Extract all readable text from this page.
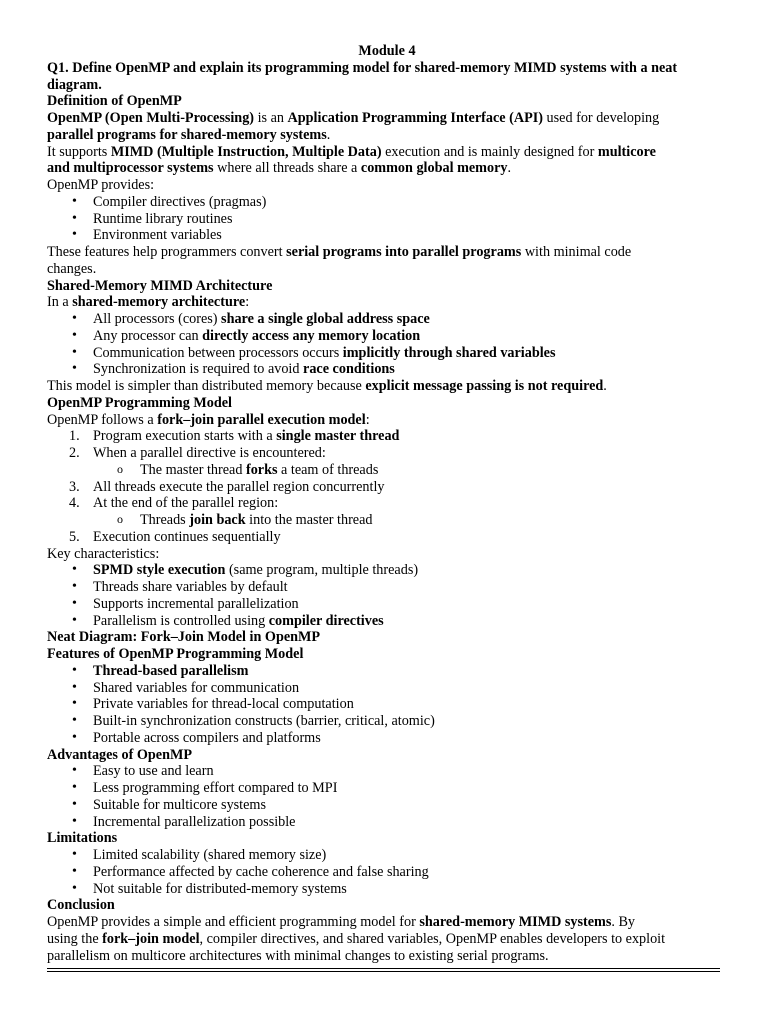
Module 4

Q1. Define OpenMP and explain its programming model for shared-memory MIMD systems with a neat diagram.

Definition of OpenMP

OpenMP (Open Multi-Processing) is an Application Programming Interface (API) used for developing

parallel programs for shared-memory systems.

It supports MIMD (Multiple Instruction, Multiple Data) execution and is mainly designed for multicore

and multiprocessor systems where all threads share a common global memory.

OpenMP provides:

• Compiler directives (pragmas)
• Runtime library routines
• Environment variables

These features help programmers convert serial programs into parallel programs with minimal code

changes.

Shared-Memory MIMD Architecture

In a shared-memory architecture:

• All processors (cores) share a single global address space
• Any processor can directly access any memory location
• Communication between processors occurs implicitly through shared variables
• Synchronization is required to avoid race conditions

This model is simpler than distributed memory because explicit message passing is not required.

OpenMP Programming Model

OpenMP follows a fork–join parallel execution model:

1. Program execution starts with a single master thread
2. When a parallel directive is encountered:
o The master thread forks a team of threads
3. All threads execute the parallel region concurrently
4. At the end of the parallel region:
o Threads join back into the master thread
5. Execution continues sequentially

Key characteristics:

• SPMD style execution (same program, multiple threads)
• Threads share variables by default
• Supports incremental parallelization
• Parallelism is controlled using compiler directives

Neat Diagram: Fork–Join Model in OpenMP

Features of OpenMP Programming Model

• Thread-based parallelism
• Shared variables for communication
• Private variables for thread-local computation
• Built-in synchronization constructs (barrier, critical, atomic)
• Portable across compilers and platforms

Advantages of OpenMP

• Easy to use and learn
• Less programming effort compared to MPI
• Suitable for multicore systems
• Incremental parallelization possible

Limitations

• Limited scalability (shared memory size)
• Performance affected by cache coherence and false sharing
• Not suitable for distributed-memory systems

Conclusion

OpenMP provides a simple and efficient programming model for shared-memory MIMD systems. By

using the fork–join model, compiler directives, and shared variables, OpenMP enables developers to exploit

parallelism on multicore architectures with minimal changes to existing serial programs.
